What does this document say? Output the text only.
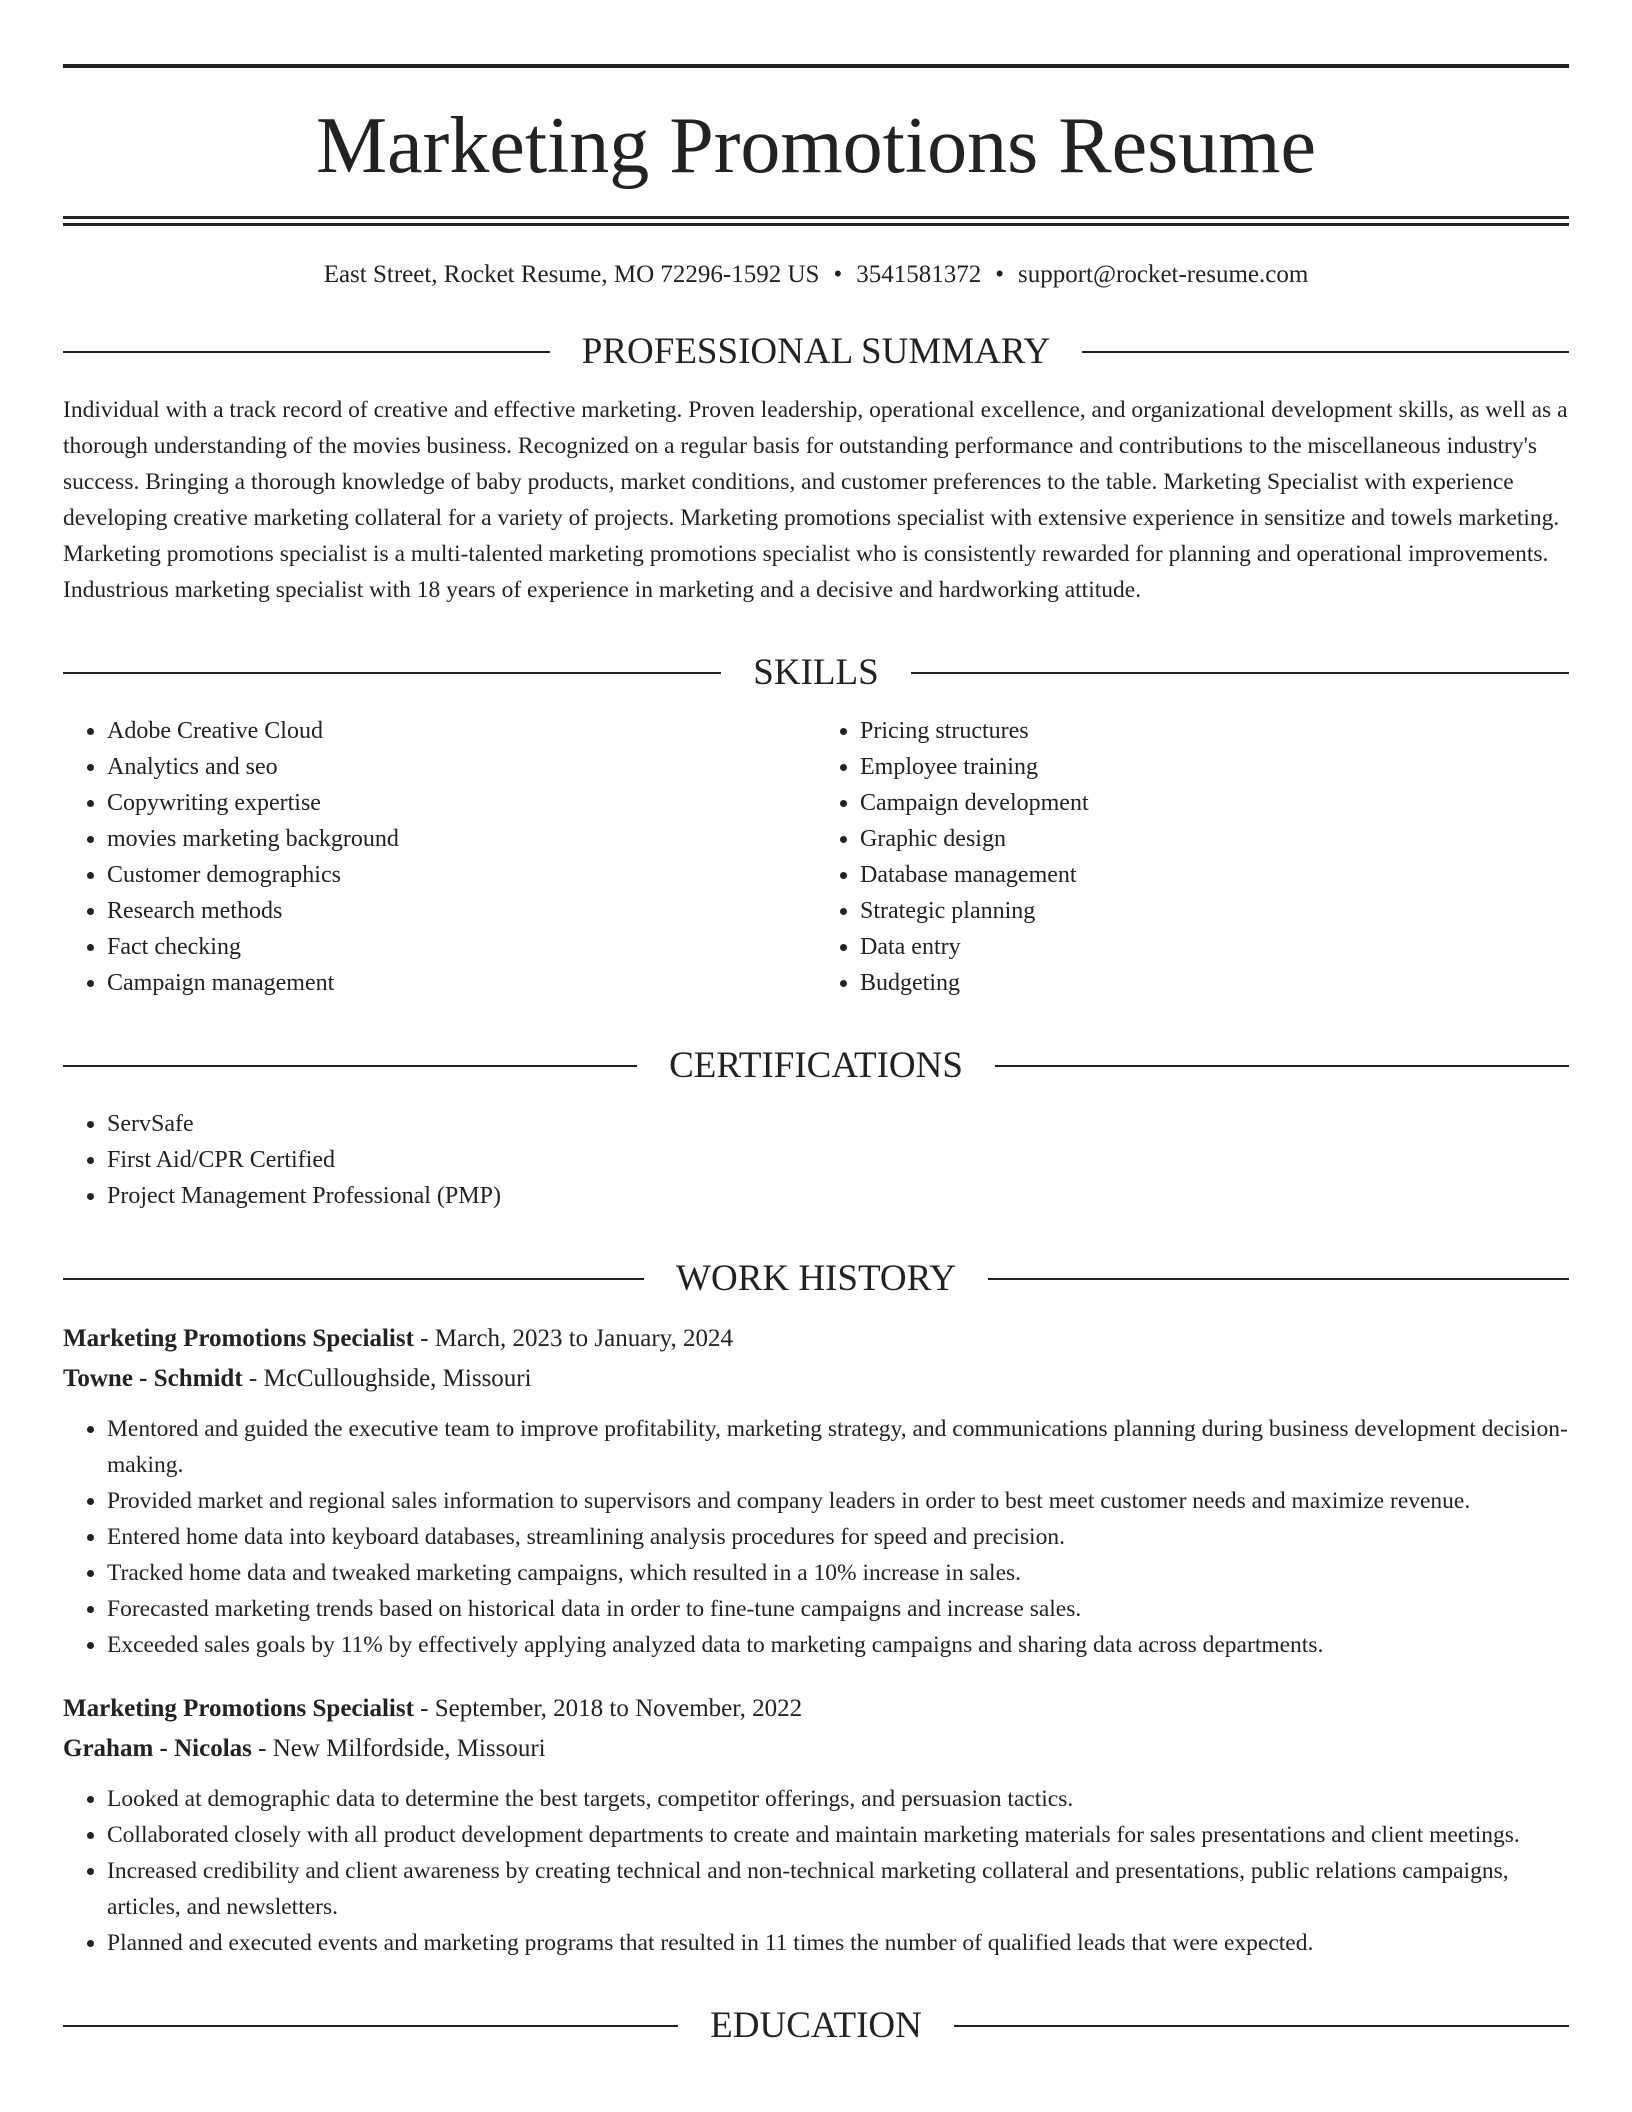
Marketing Promotions Resume
East Street, Rocket Resume, MO 72296-1592 US • 3541581372 • support@rocket-resume.com
PROFESSIONAL SUMMARY

Individual with a track record of creative and effective marketing. Proven leadership, operational excellence, and organizational development skills, as well as a thorough understanding of the movies business. Recognized on a regular basis for outstanding performance and contributions to the miscellaneous industry's success. Bringing a thorough knowledge of baby products, market conditions, and customer preferences to the table. Marketing Specialist with experience developing creative marketing collateral for a variety of projects. Marketing promotions specialist with extensive experience in sensitize and towels marketing. Marketing promotions specialist is a multi-talented marketing promotions specialist who is consistently rewarded for planning and operational improvements. Industrious marketing specialist with 18 years of experience in marketing and a decisive and hardworking attitude.

SKILLS
• Adobe Creative Cloud
• Analytics and seo
• Copywriting expertise
• movies marketing background
• Customer demographics
• Research methods
• Fact checking
• Campaign management
• Pricing structures
• Employee training
• Campaign development
• Graphic design
• Database management
• Strategic planning
• Data entry
• Budgeting
CERTIFICATIONS
• ServSafe
• First Aid/CPR Certified
• Project Management Professional (PMP)
WORK HISTORY
Marketing Promotions Specialist - March, 2023 to January, 2024
Towne - Schmidt - McCulloughside, Missouri
• Mentored and guided the executive team to improve profitability, marketing strategy, and communications planning during business development decision-making.
• Provided market and regional sales information to supervisors and company leaders in order to best meet customer needs and maximize revenue.
• Entered home data into keyboard databases, streamlining analysis procedures for speed and precision.
• Tracked home data and tweaked marketing campaigns, which resulted in a 10% increase in sales.
• Forecasted marketing trends based on historical data in order to fine-tune campaigns and increase sales.
• Exceeded sales goals by 11% by effectively applying analyzed data to marketing campaigns and sharing data across departments.
Marketing Promotions Specialist - September, 2018 to November, 2022
Graham - Nicolas - New Milfordside, Missouri
• Looked at demographic data to determine the best targets, competitor offerings, and persuasion tactics.
• Collaborated closely with all product development departments to create and maintain marketing materials for sales presentations and client meetings.
• Increased credibility and client awareness by creating technical and non-technical marketing collateral and presentations, public relations campaigns, articles, and newsletters.
• Planned and executed events and marketing programs that resulted in 11 times the number of qualified leads that were expected.
EDUCATION
